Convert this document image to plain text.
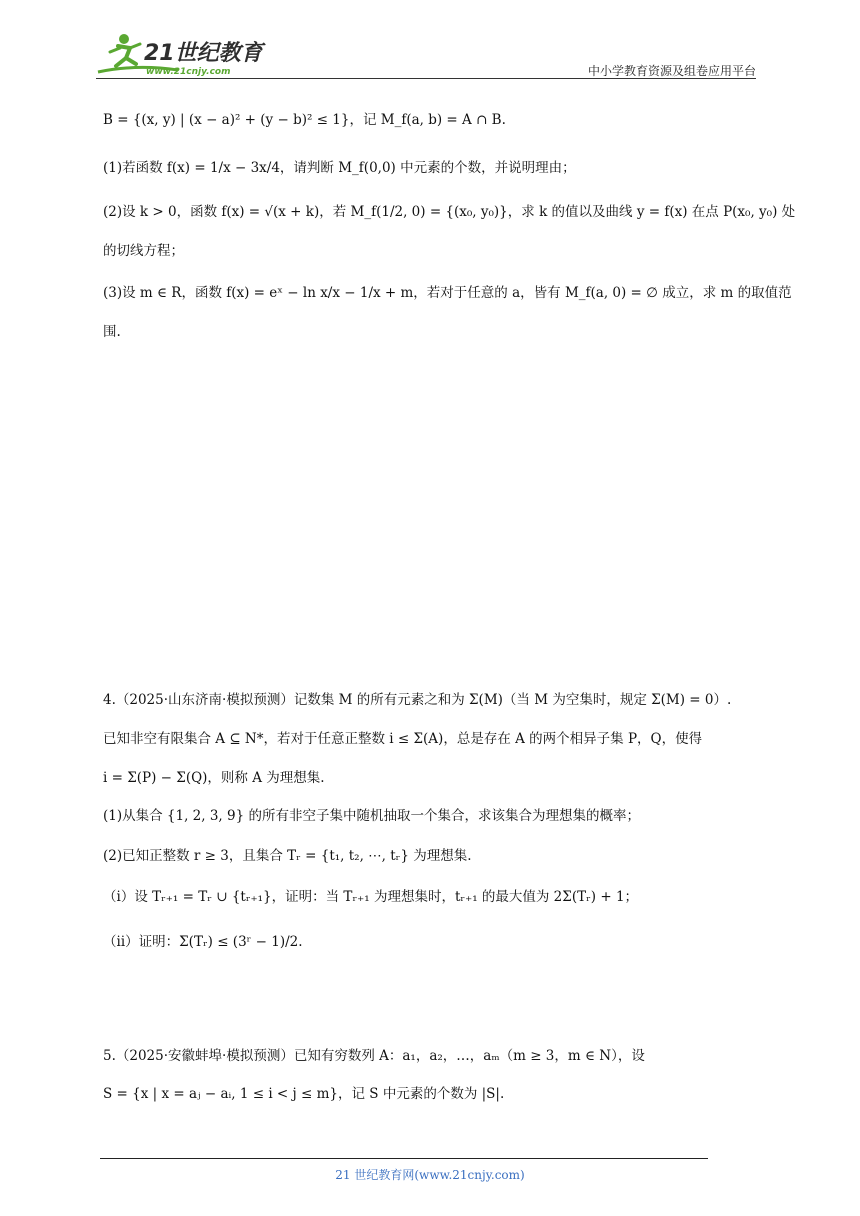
21世纪教育
www.21cnjy.com	中小学教育资源及组卷应用平台
B = {(x, y) | (x − a)² + (y − b)² ≤ 1}，记 M_f(a, b) = A ∩ B.
(1)若函数 f(x) = 1/x − 3x/4，请判断 M_f(0,0) 中元素的个数，并说明理由；
(2)设 k > 0，函数 f(x) = √(x + k)，若 M_f(1/2, 0) = {(x₀, y₀)}，求 k 的值以及曲线 y = f(x) 在点 P(x₀, y₀) 处
的切线方程；
(3)设 m ∈ R，函数 f(x) = eˣ − ln x/x − 1/x + m，若对于任意的 a，皆有 M_f(a, 0) = ∅ 成立，求 m 的取值范
围.
4.（2025·山东济南·模拟预测）记数集 M 的所有元素之和为 Σ(M)（当 M 为空集时，规定 Σ(M) = 0）.
已知非空有限集合 A ⊆ N*，若对于任意正整数 i ≤ Σ(A)，总是存在 A 的两个相异子集 P，Q，使得
i = Σ(P) − Σ(Q)，则称 A 为理想集.
(1)从集合 {1, 2, 3, 9} 的所有非空子集中随机抽取一个集合，求该集合为理想集的概率；
(2)已知正整数 r ≥ 3，且集合 Tᵣ = {t₁, t₂, ⋯, tᵣ} 为理想集.
（ⅰ）设 Tᵣ₊₁ = Tᵣ ∪ {tᵣ₊₁}，证明：当 Tᵣ₊₁ 为理想集时，tᵣ₊₁ 的最大值为 2Σ(Tᵣ) + 1；
（ⅱ）证明：Σ(Tᵣ) ≤ (3ʳ − 1)/2.
5.（2025·安徽蚌埠·模拟预测）已知有穷数列 A：a₁，a₂，…，aₘ（m ≥ 3，m ∈ N），设
S = {x | x = aⱼ − aᵢ, 1 ≤ i < j ≤ m}，记 S 中元素的个数为 |S|.
21 世纪教育网(www.21cnjy.com)
